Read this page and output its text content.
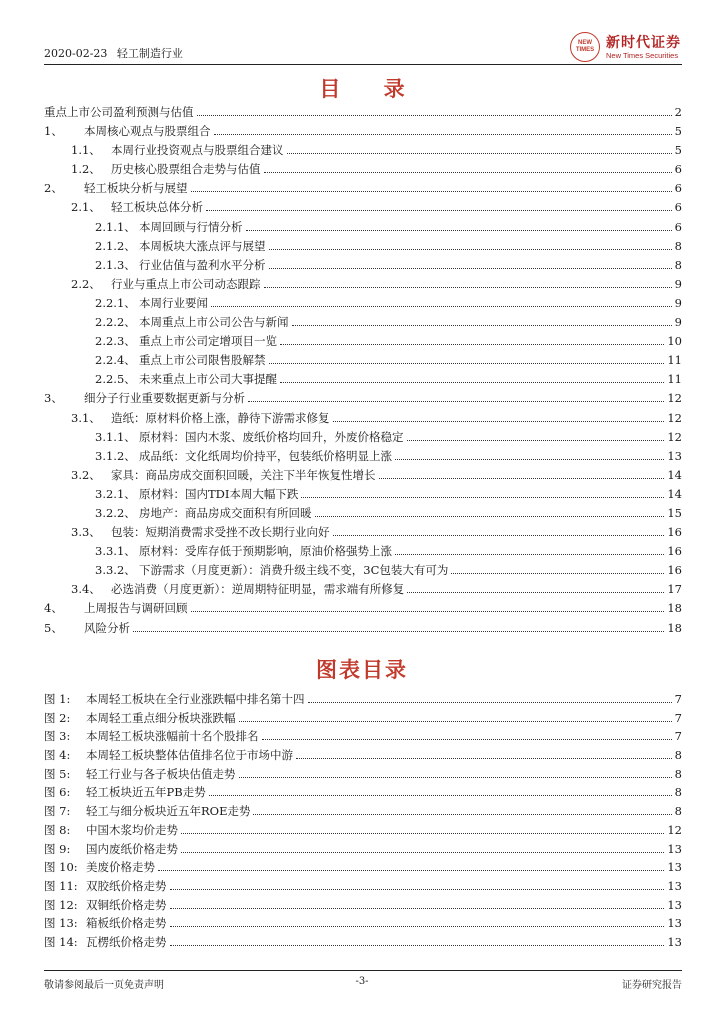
2020-02-23 轻工制造行业
NEW TIMES 新时代证券
New Times Securities
目 录
重点上市公司盈利预测与估值	2
1、	本周核心观点与股票组合	5
1.1、 本周行业投资观点与股票组合建议	5
1.2、 历史核心股票组合走势与估值	6
2、	轻工板块分析与展望	6
2.1、 轻工板块总体分析	6
2.1.1、 本周回顾与行情分析	6
2.1.2、 本周板块大涨点评与展望	8
2.1.3、 行业估值与盈利水平分析	8
2.2、 行业与重点上市公司动态跟踪	9
2.2.1、 本周行业要闻	9
2.2.2、 本周重点上市公司公告与新闻	9
2.2.3、 重点上市公司定增项目一览	10
2.2.4、 重点上市公司限售股解禁	11
2.2.5、 未来重点上市公司大事提醒	11
3、	细分子行业重要数据更新与分析	12
3.1、 造纸：原材料价格上涨，静待下游需求修复	12
3.1.1、 原材料：国内木浆、废纸价格均回升，外废价格稳定	12
3.1.2、 成品纸：文化纸周均价持平，包装纸价格明显上涨	13
3.2、 家具：商品房成交面积回暖，关注下半年恢复性增长	14
3.2.1、 原材料：国内TDI本周大幅下跌	14
3.2.2、 房地产：商品房成交面积有所回暖	15
3.3、 包装：短期消费需求受挫不改长期行业向好	16
3.3.1、 原材料：受库存低于预期影响，原油价格强势上涨	16
3.3.2、 下游需求（月度更新）：消费升级主线不变，3C包装大有可为	16
3.4、 必选消费（月度更新）：逆周期特征明显，需求端有所修复	17
4、	上周报告与调研回顾	18
5、	风险分析	18
图表目录
图 1:	本周轻工板块在全行业涨跌幅中排名第十四	7
图 2:	本周轻工重点细分板块涨跌幅	7
图 3:	本周轻工板块涨幅前十名个股排名	7
图 4:	本周轻工板块整体估值排名位于市场中游	8
图 5:	轻工行业与各子板块估值走势	8
图 6:	轻工板块近五年PB走势	8
图 7:	轻工与细分板块近五年ROE走势	8
图 8:	中国木浆均价走势	12
图 9:	国内废纸价格走势	13
图 10: 美废价格走势	13
图 11: 双胶纸价格走势	13
图 12: 双铜纸价格走势	13
图 13: 箱板纸价格走势	13
图 14: 瓦楞纸价格走势	13
敬请参阅最后一页免责声明	-3-	证券研究报告
